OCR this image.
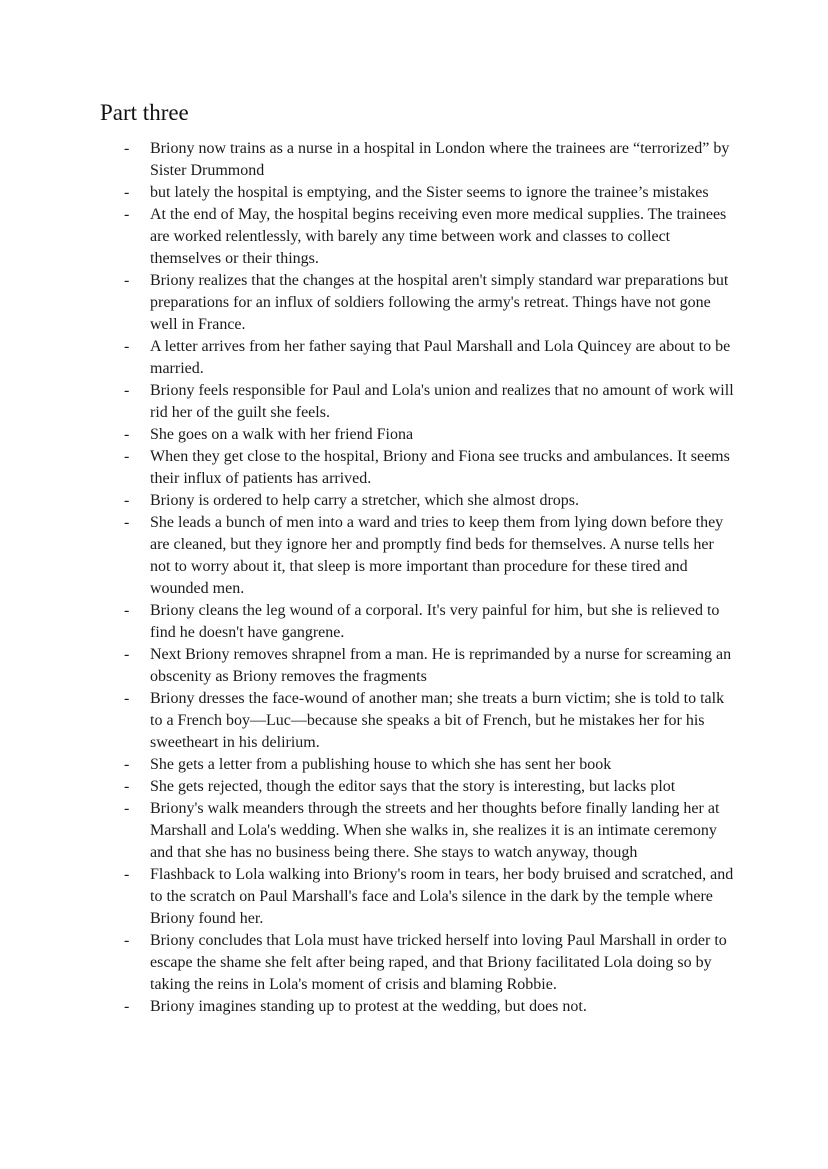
Part three
-	Briony now trains as a nurse in a hospital in London where the trainees are “terrorized” by Sister Drummond
-	but lately the hospital is emptying, and the Sister seems to ignore the trainee’s mistakes
-	At the end of May, the hospital begins receiving even more medical supplies. The trainees are worked relentlessly, with barely any time between work and classes to collect themselves or their things.
-	Briony realizes that the changes at the hospital aren't simply standard war preparations but preparations for an influx of soldiers following the army's retreat. Things have not gone well in France.
-	A letter arrives from her father saying that Paul Marshall and Lola Quincey are about to be married.
-	Briony feels responsible for Paul and Lola's union and realizes that no amount of work will rid her of the guilt she feels.
-	She goes on a walk with her friend Fiona
-	When they get close to the hospital, Briony and Fiona see trucks and ambulances. It seems their influx of patients has arrived.
-	Briony is ordered to help carry a stretcher, which she almost drops.
-	She leads a bunch of men into a ward and tries to keep them from lying down before they are cleaned, but they ignore her and promptly find beds for themselves. A nurse tells her not to worry about it, that sleep is more important than procedure for these tired and wounded men.
-	Briony cleans the leg wound of a corporal. It's very painful for him, but she is relieved to find he doesn't have gangrene.
-	Next Briony removes shrapnel from a man. He is reprimanded by a nurse for screaming an obscenity as Briony removes the fragments
-	Briony dresses the face-wound of another man; she treats a burn victim; she is told to talk to a French boy—Luc—because she speaks a bit of French, but he mistakes her for his sweetheart in his delirium.
-	She gets a letter from a publishing house to which she has sent her book
-	She gets rejected, though the editor says that the story is interesting, but lacks plot
-	Briony's walk meanders through the streets and her thoughts before finally landing her at Marshall and Lola's wedding. When she walks in, she realizes it is an intimate ceremony and that she has no business being there. She stays to watch anyway, though
-	Flashback to Lola walking into Briony's room in tears, her body bruised and scratched, and to the scratch on Paul Marshall's face and Lola's silence in the dark by the temple where Briony found her.
-	Briony concludes that Lola must have tricked herself into loving Paul Marshall in order to escape the shame she felt after being raped, and that Briony facilitated Lola doing so by taking the reins in Lola's moment of crisis and blaming Robbie.
-	Briony imagines standing up to protest at the wedding, but does not.
